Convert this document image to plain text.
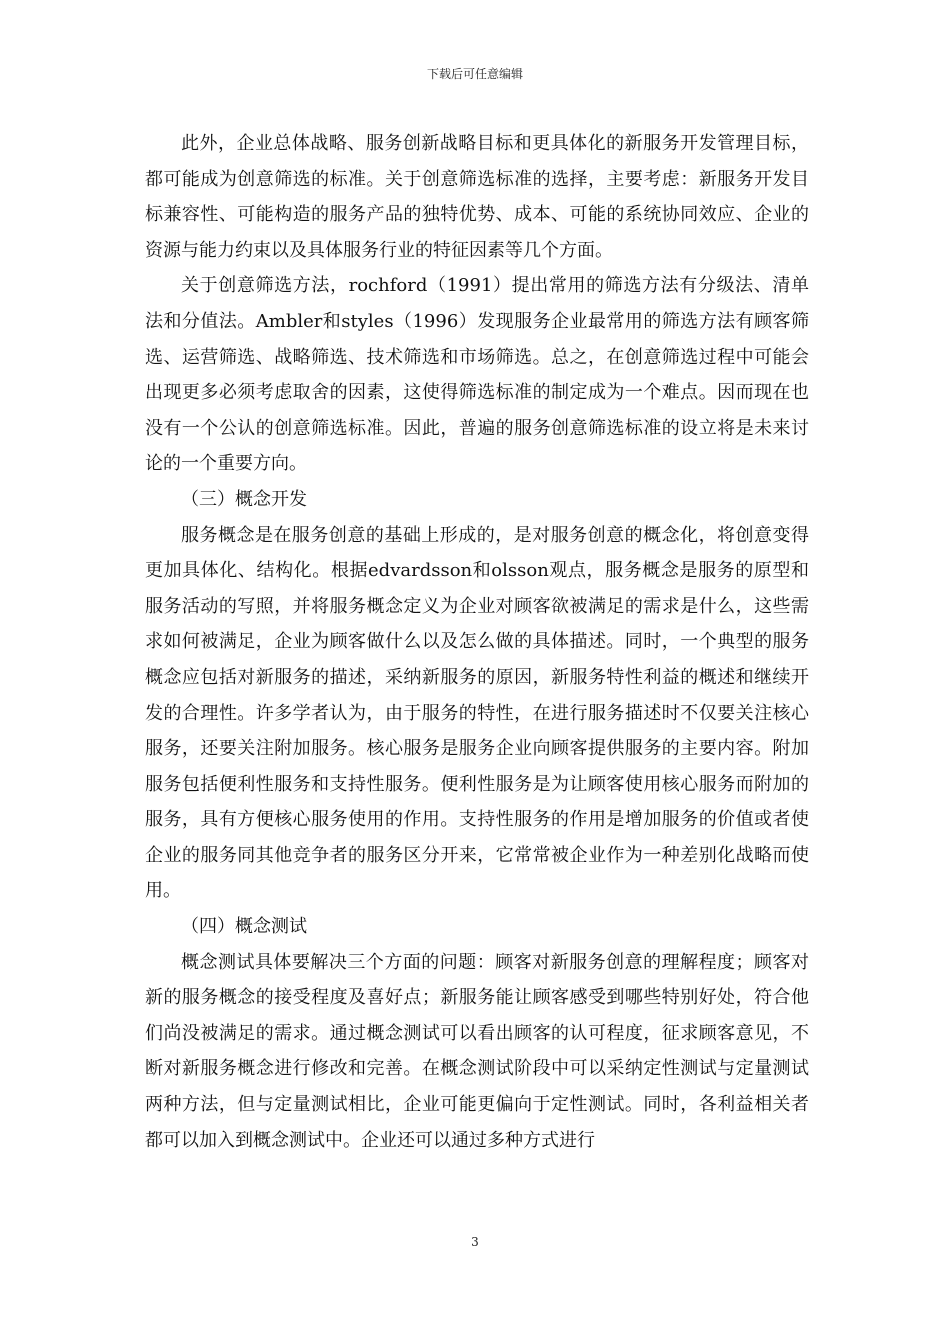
下载后可任意编辑

此外，企业总体战略、服务创新战略目标和更具体化的新服务开发管理目标，都可能成为创意筛选的标准。关于创意筛选标准的选择，主要考虑：新服务开发目标兼容性、可能构造的服务产品的独特优势、成本、可能的系统协同效应、企业的资源与能力约束以及具体服务行业的特征因素等几个方面。

关于创意筛选方法，rochford（1991）提出常用的筛选方法有分级法、清单法和分值法。Ambler和styles（1996）发现服务企业最常用的筛选方法有顾客筛选、运营筛选、战略筛选、技术筛选和市场筛选。总之，在创意筛选过程中可能会出现更多必须考虑取舍的因素，这使得筛选标准的制定成为一个难点。因而现在也没有一个公认的创意筛选标准。因此，普遍的服务创意筛选标准的设立将是未来讨论的一个重要方向。

（三）概念开发

服务概念是在服务创意的基础上形成的，是对服务创意的概念化，将创意变得更加具体化、结构化。根据edvardsson和olsson观点，服务概念是服务的原型和服务活动的写照，并将服务概念定义为企业对顾客欲被满足的需求是什么，这些需求如何被满足，企业为顾客做什么以及怎么做的具体描述。同时，一个典型的服务概念应包括对新服务的描述，采纳新服务的原因，新服务特性利益的概述和继续开发的合理性。许多学者认为，由于服务的特性，在进行服务描述时不仅要关注核心服务，还要关注附加服务。核心服务是服务企业向顾客提供服务的主要内容。附加服务包括便利性服务和支持性服务。便利性服务是为让顾客使用核心服务而附加的服务，具有方便核心服务使用的作用。支持性服务的作用是增加服务的价值或者使企业的服务同其他竞争者的服务区分开来，它常常被企业作为一种差别化战略而使用。

（四）概念测试

概念测试具体要解决三个方面的问题：顾客对新服务创意的理解程度；顾客对新的服务概念的接受程度及喜好点；新服务能让顾客感受到哪些特别好处，符合他们尚没被满足的需求。通过概念测试可以看出顾客的认可程度，征求顾客意见，不断对新服务概念进行修改和完善。在概念测试阶段中可以采纳定性测试与定量测试两种方法，但与定量测试相比，企业可能更偏向于定性测试。同时，各利益相关者都可以加入到概念测试中。企业还可以通过多种方式进行

3
